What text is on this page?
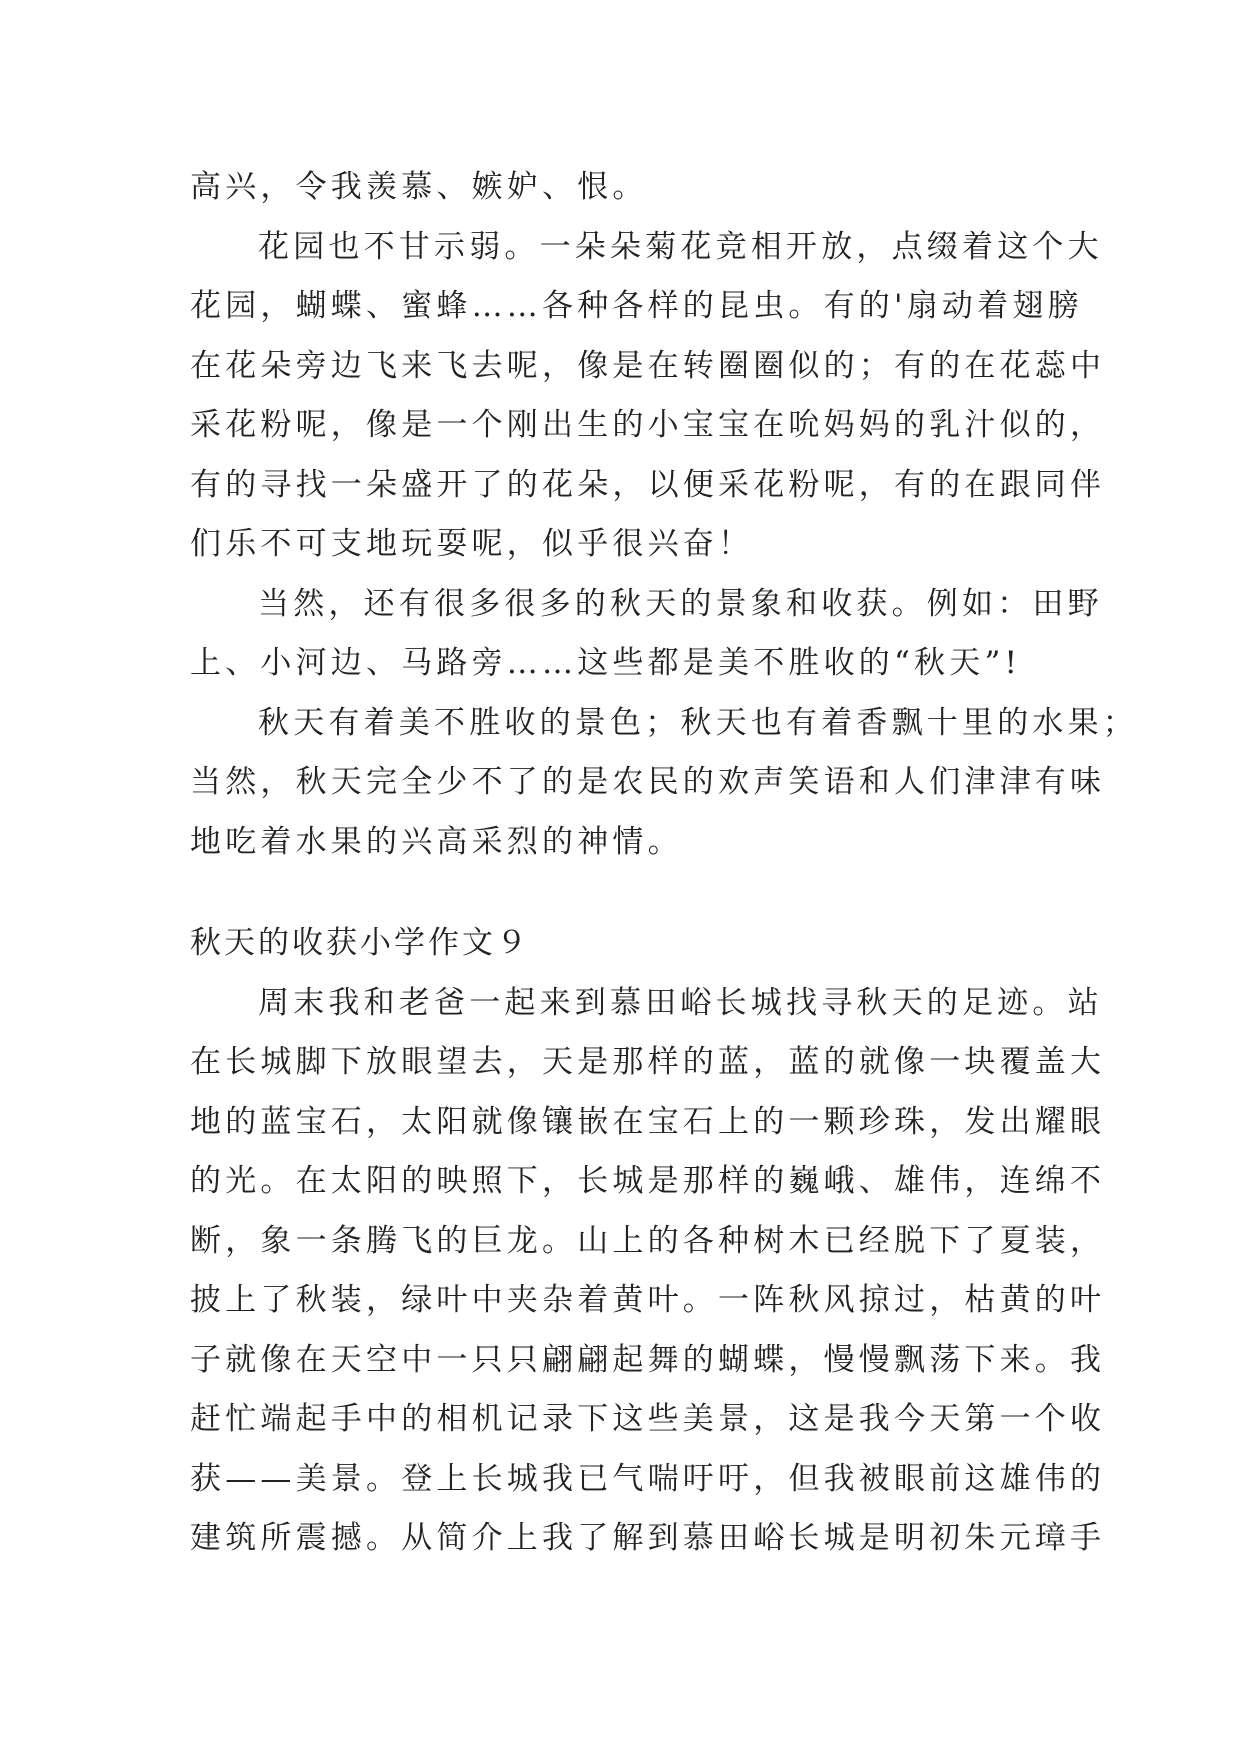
高兴，令我羡慕、嫉妒、恨。
花园也不甘示弱。一朵朵菊花竞相开放，点缀着这个大
花园，蝴蝶、蜜蜂……各种各样的昆虫。有的'扇动着翅膀
在花朵旁边飞来飞去呢，像是在转圈圈似的；有的在花蕊中
采花粉呢，像是一个刚出生的小宝宝在吮妈妈的乳汁似的，
有的寻找一朵盛开了的花朵，以便采花粉呢，有的在跟同伴
们乐不可支地玩耍呢，似乎很兴奋！
当然，还有很多很多的秋天的景象和收获。例如：田野
上、小河边、马路旁……这些都是美不胜收的“秋天”!
秋天有着美不胜收的景色；秋天也有着香飘十里的水果；
当然，秋天完全少不了的是农民的欢声笑语和人们津津有味
地吃着水果的兴高采烈的神情。
秋天的收获小学作文９
周末我和老爸一起来到慕田峪长城找寻秋天的足迹。站
在长城脚下放眼望去，天是那样的蓝，蓝的就像一块覆盖大
地的蓝宝石，太阳就像镶嵌在宝石上的一颗珍珠，发出耀眼
的光。在太阳的映照下，长城是那样的巍峨、雄伟，连绵不
断，象一条腾飞的巨龙。山上的各种树木已经脱下了夏装，
披上了秋装，绿叶中夹杂着黄叶。一阵秋风掠过，枯黄的叶
子就像在天空中一只只翩翩起舞的蝴蝶，慢慢飘荡下来。我
赶忙端起手中的相机记录下这些美景，这是我今天第一个收
获——美景。登上长城我已气喘吁吁，但我被眼前这雄伟的
建筑所震撼。从简介上我了解到慕田峪长城是明初朱元璋手
